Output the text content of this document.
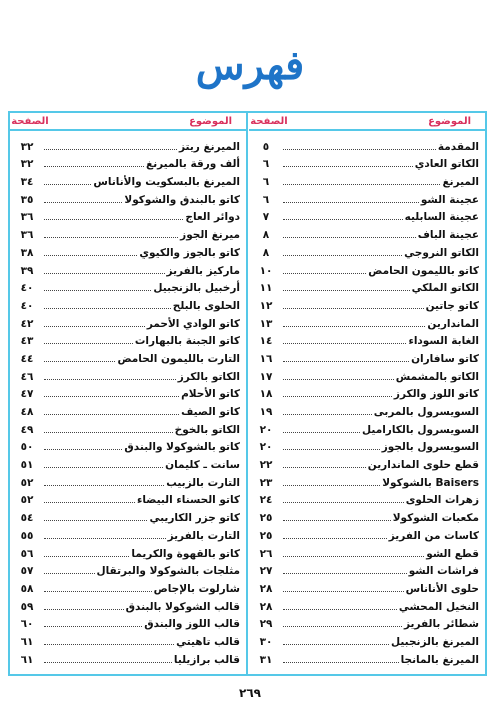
فهرس
الموضوع
الصفحة
المقدمة
٥
الكاتو العادي
٦
الميرنغ
٦
عجينة الشو
٦
عجينة السابليه
٧
عجينة الباف
٨
الكاتو النروجي
٨
كاتو بالليمون الحامض
١٠
الكاتو الملكي
١١
كاتو جاتين
١٢
الماندارين
١٣
الغابة السوداء
١٤
كاتو سافاران
١٦
الكاتو بالمشمش
١٧
كاتو اللوز والكرز
١٨
السويسرول بالمربى
١٩
السويسرول بالكاراميل
٢٠
السويسرول بالجوز
٢٠
قطع حلوى الماندارين
٢٢
Baisers بالشوكولا
٢٣
زهرات الحلوى
٢٤
مكعبات الشوكولا
٢٥
كاسات من الفريز
٢٥
قطع الشو
٢٦
فراشات الشو
٢٧
حلوى الأناناس
٢٨
النخيل المحشي
٢٨
شطائر بالفريز
٢٩
الميرنغ بالزنجبيل
٣٠
الميرنغ بالمانجا
٣١
الموضوع
الصفحة
الميرنغ ريتز
٣٢
ألف ورقة بالميرنغ
٣٢
الميرنغ بالبسكويت والأناناس
٣٤
كاتو بالبندق والشوكولا
٣٥
دوائر العاج
٣٦
ميرنغ الجوز
٣٦
كاتو بالجوز والكيوي
٣٨
ماركيز بالفريز
٣٩
أرخبيل بالزنجبيل
٤٠
الحلوى بالبلح
٤٠
كاتو الوادي الأحمر
٤٢
كاتو الجبنة بالبهارات
٤٣
التارت بالليمون الحامض
٤٤
الكاتو بالكرز
٤٦
كاتو الأحلام
٤٧
كاتو الصيف
٤٨
الكاتو بالخوخ
٤٩
كاتو بالشوكولا والبندق
٥٠
سانت ـ كليمان
٥١
التارت بالزبيب
٥٢
كاتو الحسناء البيضاء
٥٢
كاتو جزر الكاريبي
٥٤
التارت بالفريز
٥٥
كاتو بالقهوة والكريما
٥٦
مثلجات بالشوكولا والبرتقال
٥٧
شارلوت بالإجاص
٥٨
قالب الشوكولا بالبندق
٥٩
قالب اللوز والبندق
٦٠
قالب تاهيتي
٦١
قالب برازيليا
٦١
٢٦٩
